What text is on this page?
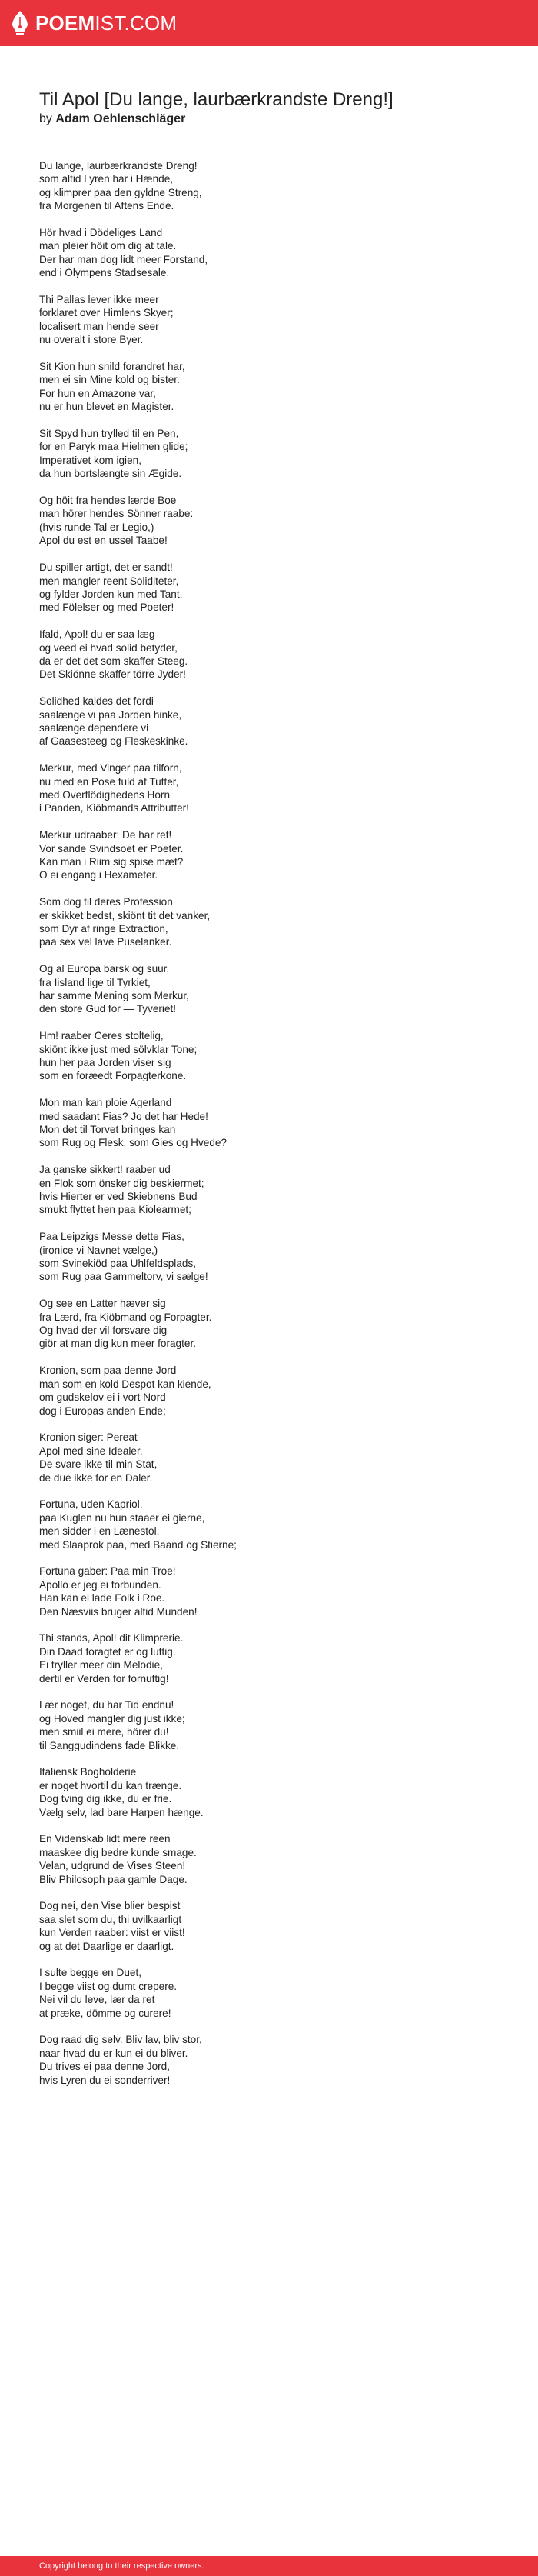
POEMIST.COM
Til Apol [Du lange, laurbærkrandste Dreng!]
by Adam Oehlenschläger
Du lange, laurbærkrandste Dreng!
som altid Lyren har i Hænde,
og klimprer paa den gyldne Streng,
fra Morgenen til Aftens Ende.
Hör hvad i Dödeliges Land
man pleier höit om dig at tale.
Der har man dog lidt meer Forstand,
end i Olympens Stadsesale.
Thi Pallas lever ikke meer
forklaret over Himlens Skyer;
localisert man hende seer
nu overalt i store Byer.
Sit Kion hun snild forandret har,
men ei sin Mine kold og bister.
For hun en Amazone var,
nu er hun blevet en Magister.
Sit Spyd hun trylled til en Pen,
for en Paryk maa Hielmen glide;
Imperativet kom igien,
da hun bortslængte sin Ægide.
Og höit fra hendes lærde Boe
man hörer hendes Sönner raabe:
(hvis runde Tal er Legio,)
Apol du est en ussel Taabe!
Du spiller artigt, det er sandt!
men mangler reent Soliditeter,
og fylder Jorden kun med Tant,
med Fölelser og med Poeter!
Ifald, Apol! du er saa læg
og veed ei hvad solid betyder,
da er det det som skaffer Steeg.
Det Skiönne skaffer törre Jyder!
Solidhed kaldes det fordi
saalænge vi paa Jorden hinke,
saalænge dependere vi
af Gaasesteeg og Fleskeskinke.
Merkur, med Vinger paa tilforn,
nu med en Pose fuld af Tutter,
med Overflödighedens Horn
i Panden, Kiöbmands Attributter!
Merkur udraaber: De har ret!
Vor sande Svindsoet er Poeter.
Kan man i Riim sig spise mæt?
O ei engang i Hexameter.
Som dog til deres Profession
er skikket bedst, skiönt tit det vanker,
som Dyr af ringe Extraction,
paa sex vel lave Puselanker.
Og al Europa barsk og suur,
fra Iisland lige til Tyrkiet,
har samme Mening som Merkur,
den store Gud for — Tyveriet!
Hm! raaber Ceres stoltelig,
skiönt ikke just med sölvklar Tone;
hun her paa Jorden viser sig
som en foræedt Forpagterkone.
Mon man kan ploie Agerland
med saadant Fias? Jo det har Hede!
Mon det til Torvet bringes kan
som Rug og Flesk, som Gies og Hvede?
Ja ganske sikkert! raaber ud
en Flok som önsker dig beskiermet;
hvis Hierter er ved Skiebnens Bud
smukt flyttet hen paa Kiolearmet;
Paa Leipzigs Messe dette Fias,
(ironice vi Navnet vælge,)
som Svinekiöd paa Uhlfeldsplads,
som Rug paa Gammeltorv, vi sælge!
Og see en Latter hæver sig
fra Lærd, fra Kiöbmand og Forpagter.
Og hvad der vil forsvare dig
giör at man dig kun meer foragter.
Kronion, som paa denne Jord
man som en kold Despot kan kiende,
om gudskelov ei i vort Nord
dog i Europas anden Ende;
Kronion siger: Pereat
Apol med sine Idealer.
De svare ikke til min Stat,
de due ikke for en Daler.
Fortuna, uden Kapriol,
paa Kuglen nu hun staaer ei gierne,
men sidder i en Lænestol,
med Slaaprok paa, med Baand og Stierne;
Fortuna gaber: Paa min Troe!
Apollo er jeg ei forbunden.
Han kan ei lade Folk i Roe.
Den Næsviis bruger altid Munden!
Thi stands, Apol! dit Klimprerie.
Din Daad foragtet er og luftig.
Ei tryller meer din Melodie,
dertil er Verden for fornuftig!
Lær noget, du har Tid endnu!
og Hoved mangler dig just ikke;
men smiil ei mere, hörer du!
til Sanggudindens fade Blikke.
Italiensk Bogholderie
er noget hvortil du kan trænge.
Dog tving dig ikke, du er frie.
Vælg selv, lad bare Harpen hænge.
En Videnskab lidt mere reen
maaskee dig bedre kunde smage.
Velan, udgrund de Vises Steen!
Bliv Philosoph paa gamle Dage.
Dog nei, den Vise blier bespist
saa slet som du, thi uvilkaarligt
kun Verden raaber: viist er viist!
og at det Daarlige er daarligt.
I sulte begge en Duet,
I begge viist og dumt crepere.
Nei vil du leve, lær da ret
at præke, dömme og curere!
Dog raad dig selv. Bliv lav, bliv stor,
naar hvad du er kun ei du bliver.
Du trives ei paa denne Jord,
hvis Lyren du ei sonderriver!
Copyright belong to their respective owners.
